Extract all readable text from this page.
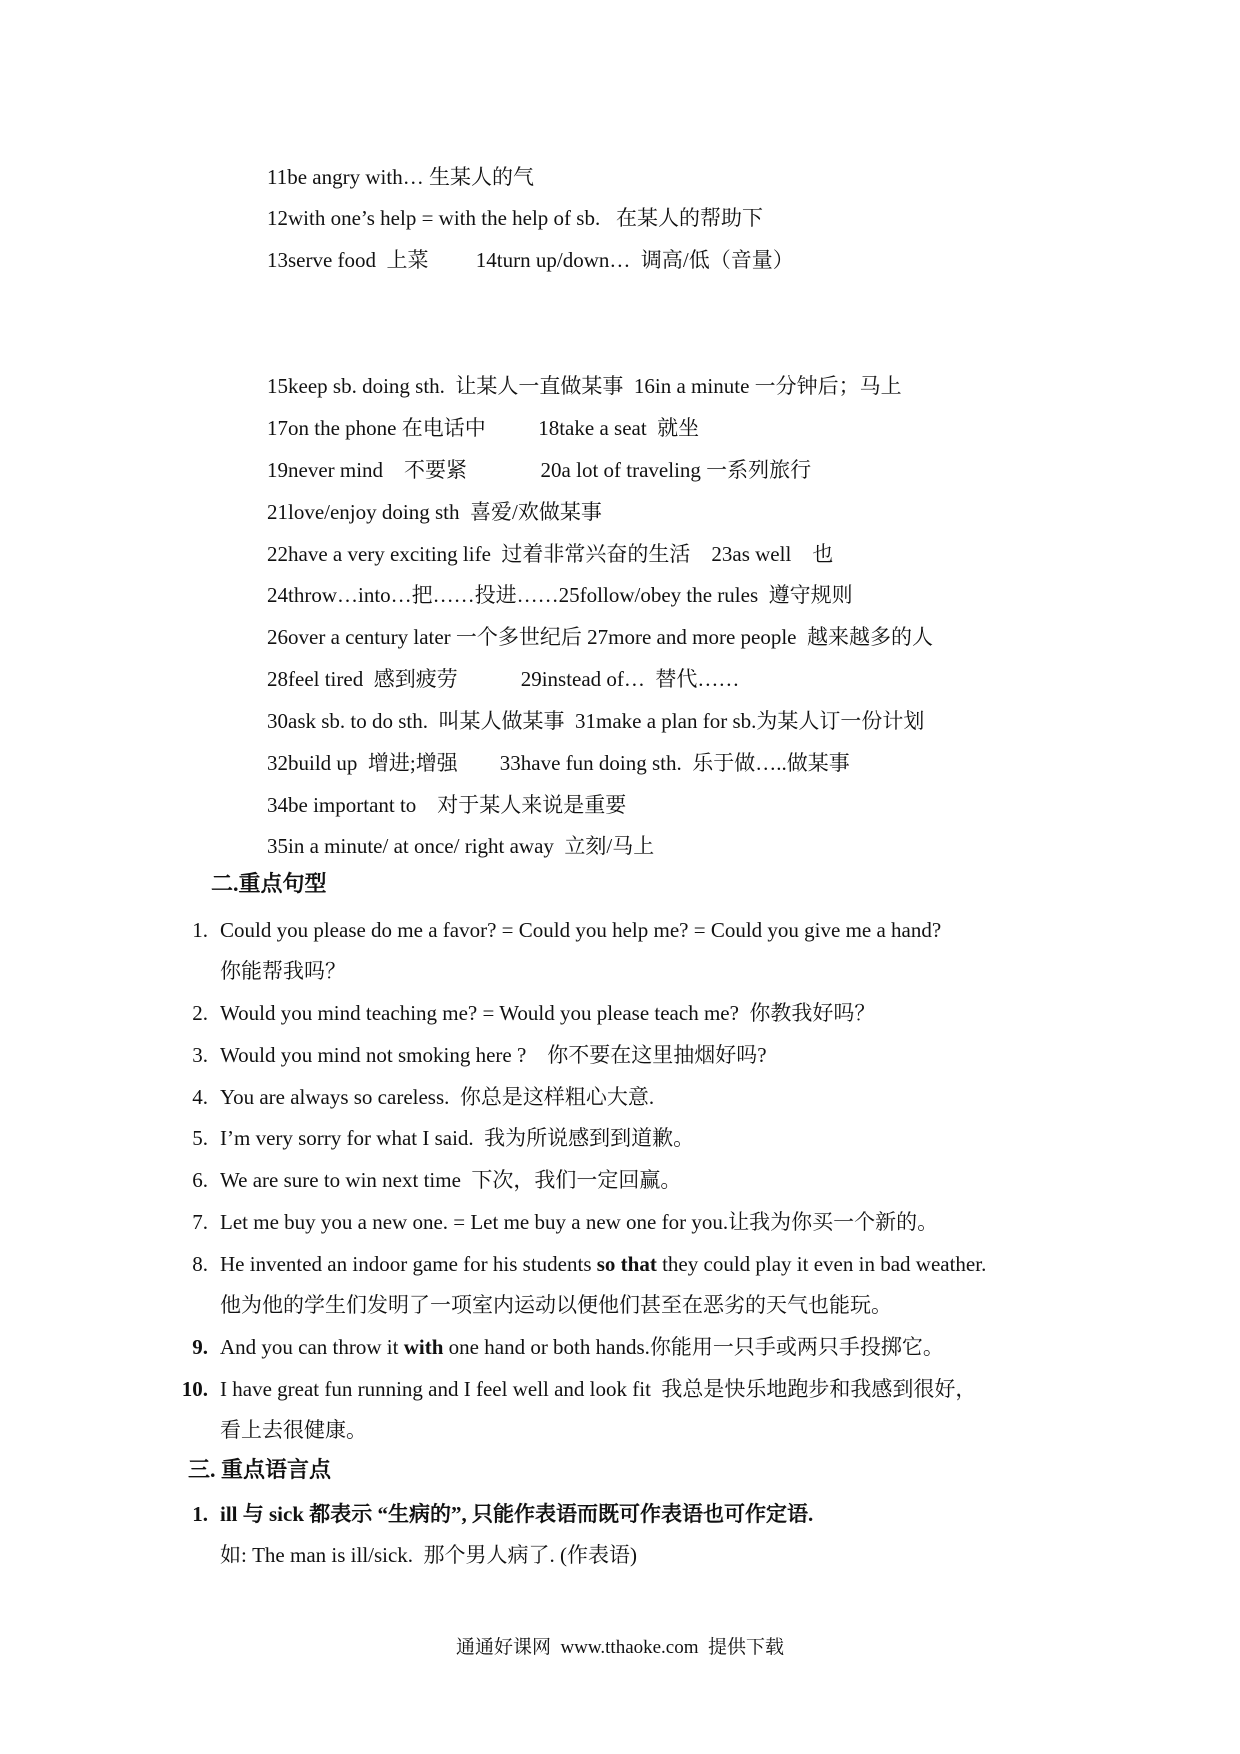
11be angry with… 生某人的气
12with one’s help = with the help of sb.   在某人的帮助下
13serve food  上菜         14turn up/down…  调高/低（音量）
15keep sb. doing sth.  让某人一直做某事  16in a minute 一分钟后；马上
17on the phone 在电话中          18take a seat  就坐
19never mind    不要紧              20a lot of traveling 一系列旅行
21love/enjoy doing sth  喜爱/欢做某事
22have a very exciting life  过着非常兴奋的生活    23as well    也
24throw…into…把……投进……25follow/obey the rules  遵守规则
26over a century later 一个多世纪后 27more and more people  越来越多的人
28feel tired  感到疲劳            29instead of…  替代……
30ask sb. to do sth.  叫某人做某事  31make a plan for sb.为某人订一份计划
32build up  增进;增强        33have fun doing sth.  乐于做…..做某事
34be important to    对于某人来说是重要
35in a minute/ at once/ right away  立刻/马上
二.重点句型
1. Could you please do me a favor? = Could you help me? = Could you give me a hand?
你能帮我吗？
2. Would you mind teaching me? = Would you please teach me?  你教我好吗？
3. Would you mind not smoking here ?    你不要在这里抽烟好吗?
4. You are always so careless.  你总是这样粗心大意.
5. I’m very sorry for what I said.  我为所说感到到道歉。
6. We are sure to win next time  下次，我们一定回赢。
7. Let me buy you a new one. = Let me buy a new one for you.让我为你买一个新的。
8. He invented an indoor game for his students so that they could play it even in bad weather.
他为他的学生们发明了一项室内运动以便他们甚至在恶劣的天气也能玩。
9. And you can throw it with one hand or both hands.你能用一只手或两只手投掷它。
10. I have great fun running and I feel well and look fit  我总是快乐地跑步和我感到很好，
看上去很健康。
三. 重点语言点
1. ill 与 sick 都表示 “生病的”, 只能作表语而既可作表语也可作定语.
如: The man is ill/sick.  那个男人病了. (作表语)
通通好课网  www.tthaoke.com  提供下载
